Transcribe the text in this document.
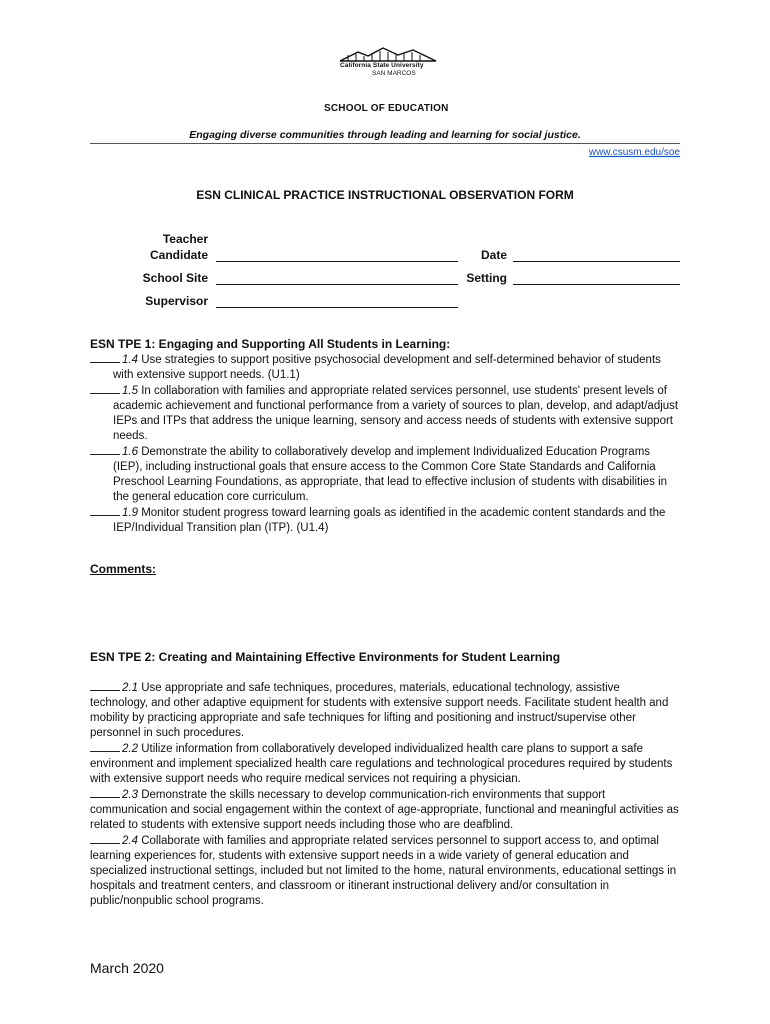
California State University
SAN MARCOS
SCHOOL OF EDUCATION
Engaging diverse communities through leading and learning for social justice.
www.csusm.edu/soe
ESN CLINICAL PRACTICE INSTRUCTIONAL OBSERVATION FORM
Teacher
Candidate	Date
School Site	Setting
Supervisor
ESN TPE 1: Engaging and Supporting All Students in Learning:
1.4 Use strategies to support positive psychosocial development and self-determined behavior of students with extensive support needs. (U1.1)
1.5 In collaboration with families and appropriate related services personnel, use students' present levels of academic achievement and functional performance from a variety of sources to plan, develop, and adapt/adjust IEPs and ITPs that address the unique learning, sensory and access needs of students with extensive support needs.
1.6 Demonstrate the ability to collaboratively develop and implement Individualized Education Programs (IEP), including instructional goals that ensure access to the Common Core State Standards and California Preschool Learning Foundations, as appropriate, that lead to effective inclusion of students with disabilities in the general education core curriculum.
1.9 Monitor student progress toward learning goals as identified in the academic content standards and the IEP/Individual Transition plan (ITP). (U1.4)
Comments:
ESN TPE 2: Creating and Maintaining Effective Environments for Student Learning
2.1 Use appropriate and safe techniques, procedures, materials, educational technology, assistive technology, and other adaptive equipment for students with extensive support needs. Facilitate student health and mobility by practicing appropriate and safe techniques for lifting and positioning and instruct/supervise other personnel in such procedures.
2.2 Utilize information from collaboratively developed individualized health care plans to support a safe environment and implement specialized health care regulations and technological procedures required by students with extensive support needs who require medical services not requiring a physician.
2.3 Demonstrate the skills necessary to develop communication-rich environments that support communication and social engagement within the context of age-appropriate, functional and meaningful activities as related to students with extensive support needs including those who are deafblind.
2.4 Collaborate with families and appropriate related services personnel to support access to, and optimal learning experiences for, students with extensive support needs in a wide variety of general education and specialized instructional settings, included but not limited to the home, natural environments, educational settings in hospitals and treatment centers, and classroom or itinerant instructional delivery and/or consultation in public/nonpublic school programs.
March 2020
